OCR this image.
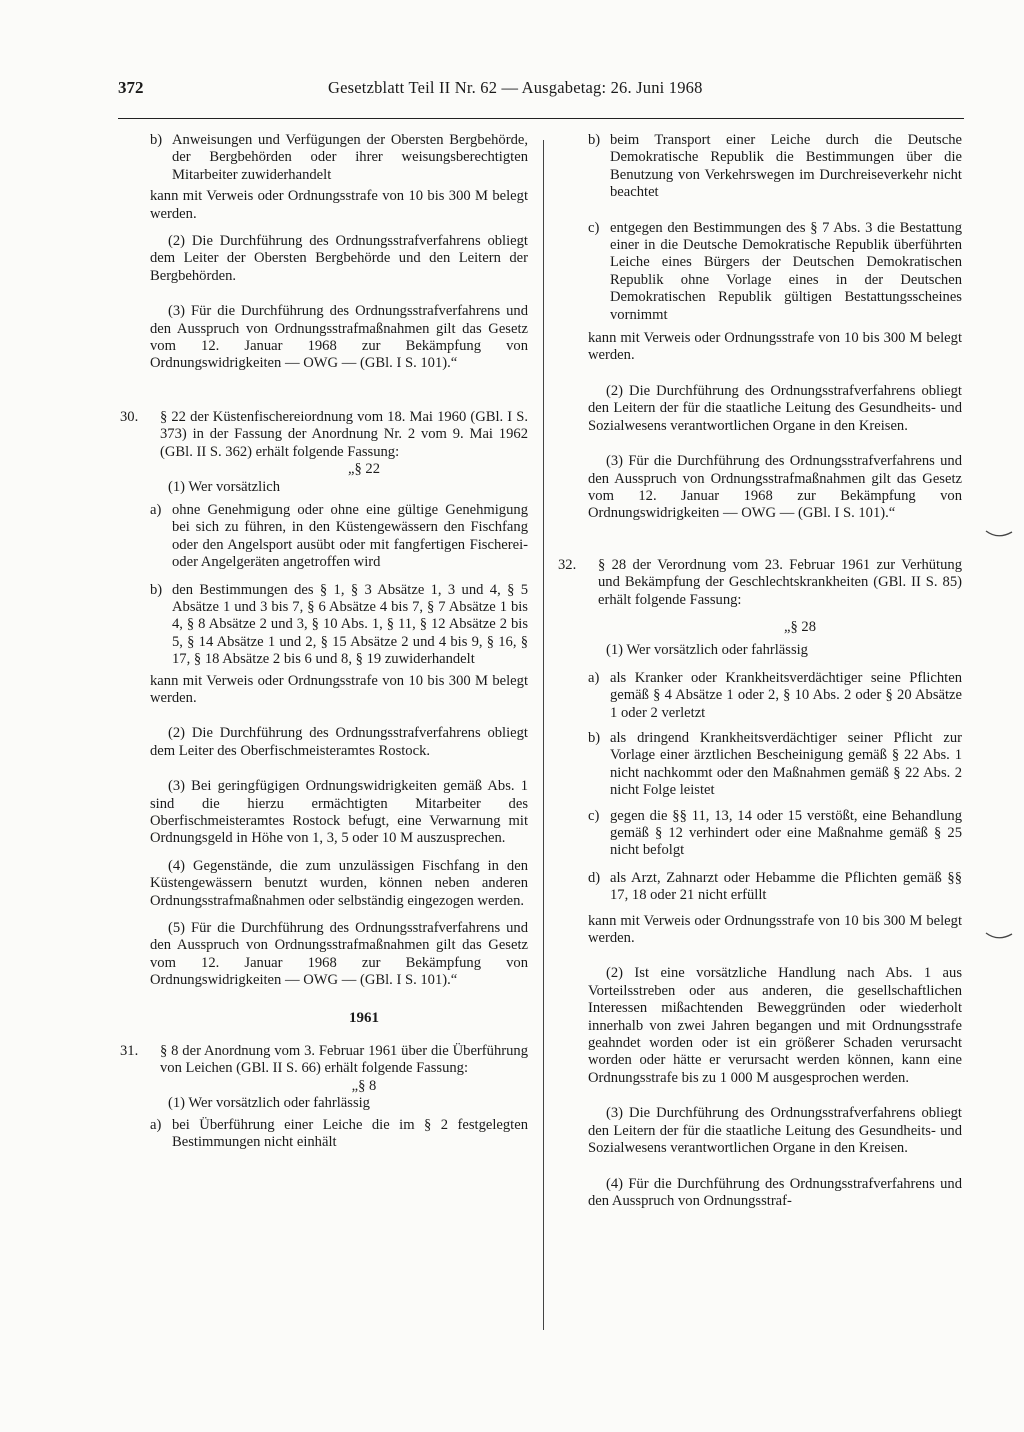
372	Gesetzblatt Teil II Nr. 62 — Ausgabetag: 26. Juni 1968
b) Anweisungen und Verfügungen der Obersten Bergbehörde, der Bergbehörden oder ihrer weisungsberechtigten Mitarbeiter zuwiderhandelt

kann mit Verweis oder Ordnungsstrafe von 10 bis 300 M belegt werden.

(2) Die Durchführung des Ordnungsstrafverfahrens obliegt dem Leiter der Obersten Bergbehörde und den Leitern der Bergbehörden.

(3) Für die Durchführung des Ordnungsstrafverfahrens und den Ausspruch von Ordnungsstrafmaßnahmen gilt das Gesetz vom 12. Januar 1968 zur Bekämpfung von Ordnungswidrigkeiten — OWG — (GBl. I S. 101).“

30. § 22 der Küstenfischereiordnung vom 18. Mai 1960 (GBl. I S. 373) in der Fassung der Anordnung Nr. 2 vom 9. Mai 1962 (GBl. II S. 362) erhält folgende Fassung:

„§ 22

(1) Wer vorsätzlich

a) ohne Genehmigung oder ohne eine gültige Genehmigung bei sich zu führen, in den Küstengewässern den Fischfang oder den Angelsport ausübt oder mit fangfertigen Fischerei- oder Angelgeräten angetroffen wird

b) den Bestimmungen des § 1, § 3 Absätze 1, 3 und 4, § 5 Absätze 1 und 3 bis 7, § 6 Absätze 4 bis 7, § 7 Absätze 1 bis 4, § 8 Absätze 2 und 3, § 10 Abs. 1, § 11, § 12 Absätze 2 bis 5, § 14 Absätze 1 und 2, § 15 Absätze 2 und 4 bis 9, § 16, § 17, § 18 Absätze 2 bis 6 und 8, § 19 zuwiderhandelt

kann mit Verweis oder Ordnungsstrafe von 10 bis 300 M belegt werden.

(2) Die Durchführung des Ordnungsstrafverfahrens obliegt dem Leiter des Oberfischmeisteramtes Rostock.

(3) Bei geringfügigen Ordnungswidrigkeiten gemäß Abs. 1 sind die hierzu ermächtigten Mitarbeiter des Oberfischmeisteramtes Rostock befugt, eine Verwarnung mit Ordnungsgeld in Höhe von 1, 3, 5 oder 10 M auszusprechen.

(4) Gegenstände, die zum unzulässigen Fischfang in den Küstengewässern benutzt wurden, können neben anderen Ordnungsstrafmaßnahmen oder selbständig eingezogen werden.

(5) Für die Durchführung des Ordnungsstrafverfahrens und den Ausspruch von Ordnungsstrafmaßnahmen gilt das Gesetz vom 12. Januar 1968 zur Bekämpfung von Ordnungswidrigkeiten — OWG — (GBl. I S. 101).“

1961

31. § 8 der Anordnung vom 3. Februar 1961 über die Überführung von Leichen (GBl. II S. 66) erhält folgende Fassung:

„§ 8

(1) Wer vorsätzlich oder fahrlässig

a) bei Überführung einer Leiche die im § 2 festgelegten Bestimmungen nicht einhält

b) beim Transport einer Leiche durch die Deutsche Demokratische Republik die Bestimmungen über die Benutzung von Verkehrswegen im Durchreiseverkehr nicht beachtet

c) entgegen den Bestimmungen des § 7 Abs. 3 die Bestattung einer in die Deutsche Demokratische Republik überführten Leiche eines Bürgers der Deutschen Demokratischen Republik ohne Vorlage eines in der Deutschen Demokratischen Republik gültigen Bestattungsscheines vornimmt

kann mit Verweis oder Ordnungsstrafe von 10 bis 300 M belegt werden.

(2) Die Durchführung des Ordnungsstrafverfahrens obliegt den Leitern der für die staatliche Leitung des Gesundheits- und Sozialwesens verantwortlichen Organe in den Kreisen.

(3) Für die Durchführung des Ordnungsstrafverfahrens und den Ausspruch von Ordnungsstrafmaßnahmen gilt das Gesetz vom 12. Januar 1968 zur Bekämpfung von Ordnungswidrigkeiten — OWG — (GBl. I S. 101).“

32. § 28 der Verordnung vom 23. Februar 1961 zur Verhütung und Bekämpfung der Geschlechtskrankheiten (GBl. II S. 85) erhält folgende Fassung:

„§ 28

(1) Wer vorsätzlich oder fahrlässig

a) als Kranker oder Krankheitsverdächtiger seine Pflichten gemäß § 4 Absätze 1 oder 2, § 10 Abs. 2 oder § 20 Absätze 1 oder 2 verletzt

b) als dringend Krankheitsverdächtiger seiner Pflicht zur Vorlage einer ärztlichen Bescheinigung gemäß § 22 Abs. 1 nicht nachkommt oder den Maßnahmen gemäß § 22 Abs. 2 nicht Folge leistet

c) gegen die §§ 11, 13, 14 oder 15 verstößt, eine Behandlung gemäß § 12 verhindert oder eine Maßnahme gemäß § 25 nicht befolgt

d) als Arzt, Zahnarzt oder Hebamme die Pflichten gemäß §§ 17, 18 oder 21 nicht erfüllt

kann mit Verweis oder Ordnungsstrafe von 10 bis 300 M belegt werden.

(2) Ist eine vorsätzliche Handlung nach Abs. 1 aus Vorteilsstreben oder aus anderen, die gesellschaftlichen Interessen mißachtenden Beweggründen oder wiederholt innerhalb von zwei Jahren begangen und mit Ordnungsstrafe geahndet worden oder ist ein größerer Schaden verursacht worden oder hätte er verursacht werden können, kann eine Ordnungsstrafe bis zu 1 000 M ausgesprochen werden.

(3) Die Durchführung des Ordnungsstrafverfahrens obliegt den Leitern der für die staatliche Leitung des Gesundheits- und Sozialwesens verantwortlichen Organe in den Kreisen.

(4) Für die Durchführung des Ordnungsstrafverfahrens und den Ausspruch von Ordnungsstraf-
